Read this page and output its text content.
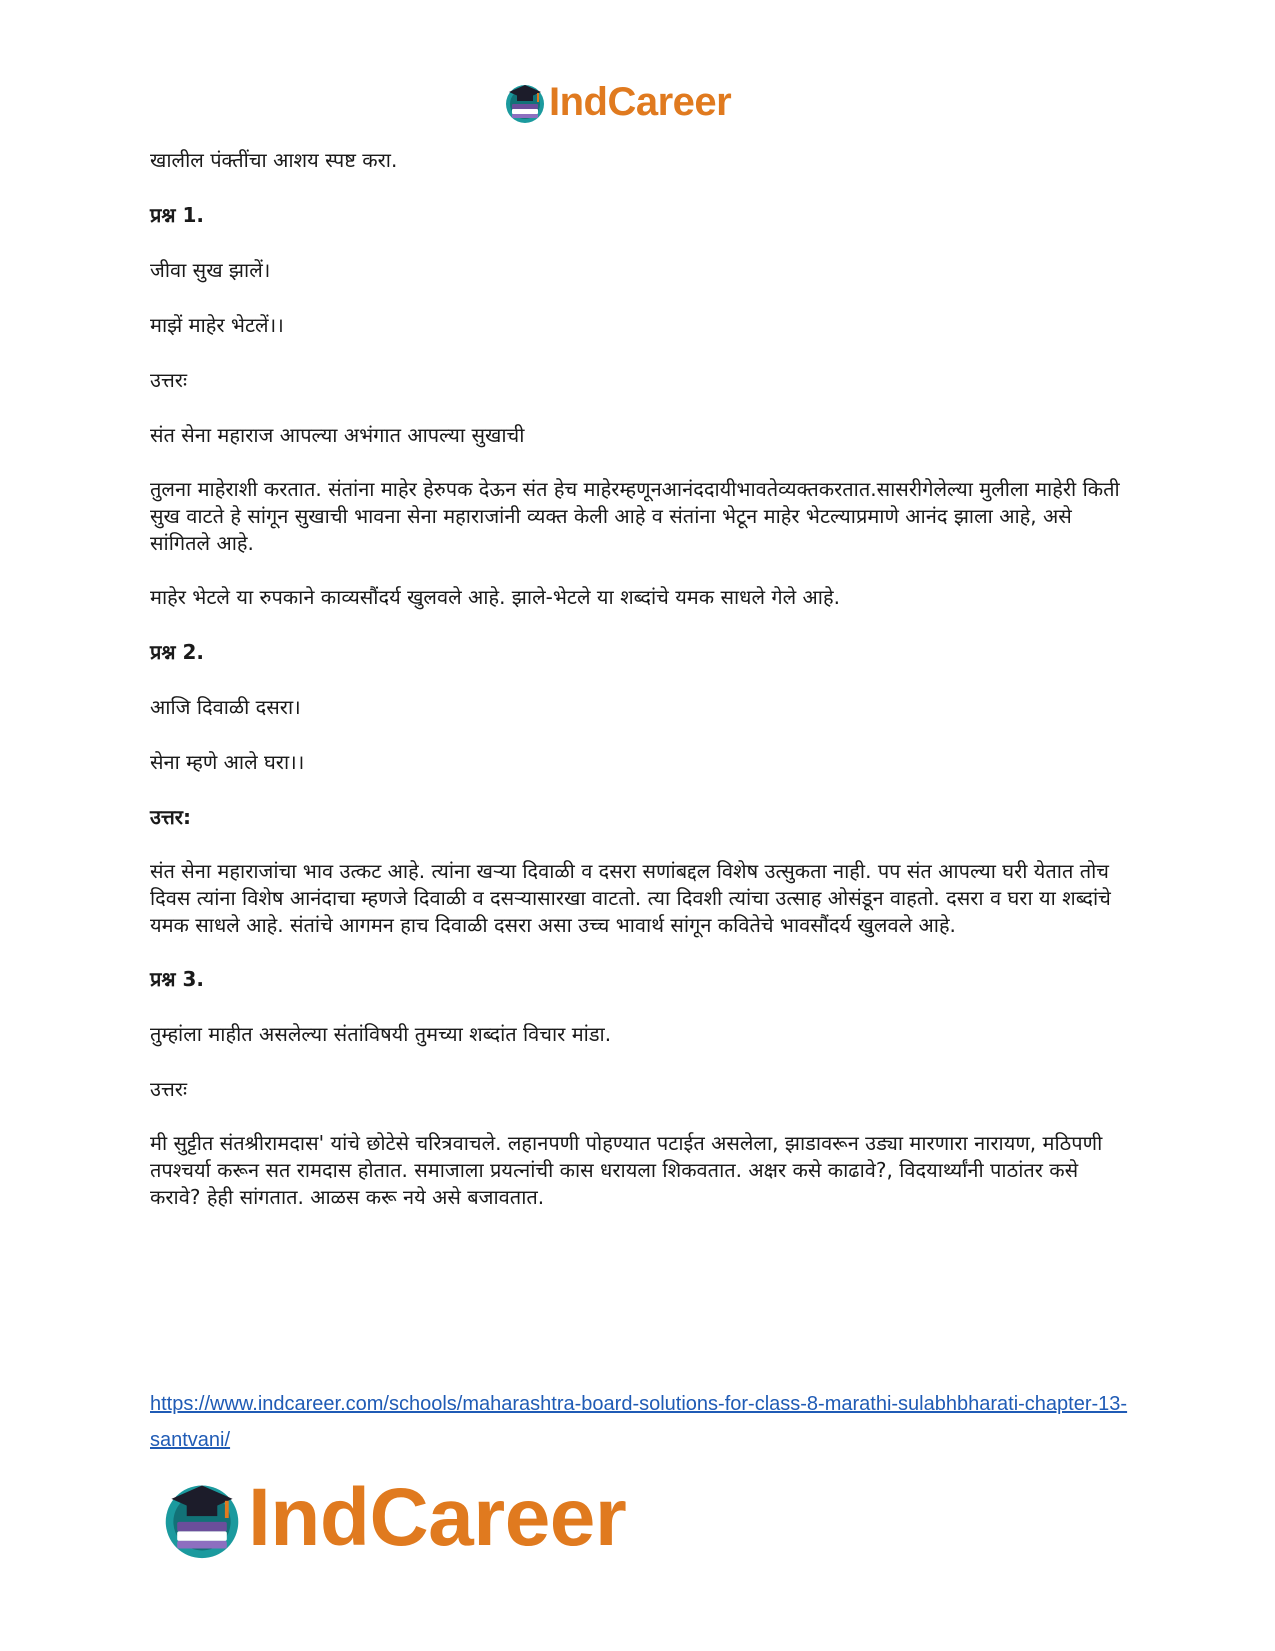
IndCareer

खालील पंक्तींचा आशय स्पष्ट करा.

प्रश्न 1.

जीवा सुख झालें।

माझें माहेर भेटलें।।

उत्तरः

संत सेना महाराज आपल्या अभंगात आपल्या सुखाची

तुलना माहेराशी करतात. संतांना माहेर हेरुपक देऊन संत हेच माहेरम्हणूनआनंददायीभावतेव्यक्तकरतात.सासरीगेलेल्या मुलीला माहेरी किती सुख वाटते हे सांगून सुखाची भावना सेना महाराजांनी व्यक्त केली आहे व संतांना भेटून माहेर भेटल्याप्रमाणे आनंद झाला आहे, असे सांगितले आहे.

माहेर भेटले या रुपकाने काव्यसौंदर्य खुलवले आहे. झाले-भेटले या शब्दांचे यमक साधले गेले आहे.

प्रश्न 2.

आजि दिवाळी दसरा।

सेना म्हणे आले घरा।।

उत्तर:

संत सेना महाराजांचा भाव उत्कट आहे. त्यांना खऱ्या दिवाळी व दसरा सणांबद्दल विशेष उत्सुकता नाही. पप संत आपल्या घरी येतात तोच दिवस त्यांना विशेष आनंदाचा म्हणजे दिवाळी व दसऱ्यासारखा वाटतो. त्या दिवशी त्यांचा उत्साह ओसंडून वाहतो. दसरा व घरा या शब्दांचे यमक साधले आहे. संतांचे आगमन हाच दिवाळी दसरा असा उच्च भावार्थ सांगून कवितेचे भावसौंदर्य खुलवले आहे.

प्रश्न 3.

तुम्हांला माहीत असलेल्या संतांविषयी तुमच्या शब्दांत विचार मांडा.

उत्तरः

मी सुट्टीत संतश्रीरामदास' यांचे छोटेसे चरित्रवाचले. लहानपणी पोहण्यात पटाईत असलेला, झाडावरून उड्या मारणारा नारायण, मठिपणी तपश्चर्या करून सत रामदास होतात. समाजाला प्रयत्नांची कास धरायला शिकवतात. अक्षर कसे काढावे?, विदयार्थ्यांनी पाठांतर कसे करावे? हेही सांगतात. आळस करू नये असे बजावतात.

https://www.indcareer.com/schools/maharashtra-board-solutions-for-class-8-marathi-sulabhbharati-chapter-13-santvani/
IndCareer
